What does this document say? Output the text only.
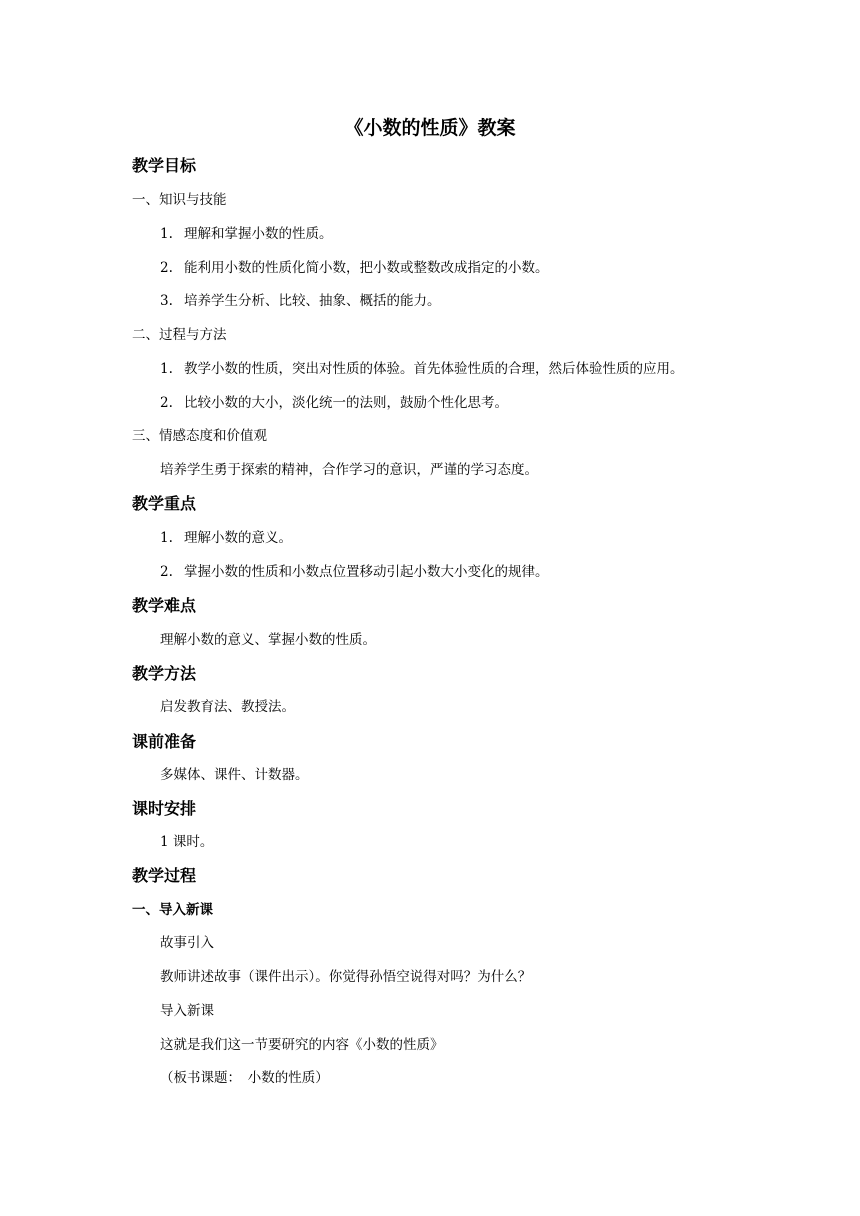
《小数的性质》教案
教学目标
一、知识与技能
1. 理解和掌握小数的性质。
2. 能利用小数的性质化简小数，把小数或整数改成指定的小数。
3. 培养学生分析、比较、抽象、概括的能力。
二、过程与方法
1. 教学小数的性质，突出对性质的体验。首先体验性质的合理，然后体验性质的应用。
2. 比较小数的大小，淡化统一的法则，鼓励个性化思考。
三、情感态度和价值观
培养学生勇于探索的精神，合作学习的意识，严谨的学习态度。
教学重点
1. 理解小数的意义。
2. 掌握小数的性质和小数点位置移动引起小数大小变化的规律。
教学难点
理解小数的意义、掌握小数的性质。
教学方法
启发教育法、教授法。
课前准备
多媒体、课件、计数器。
课时安排
1 课时。
教学过程
一、导入新课
故事引入
教师讲述故事（课件出示）。你觉得孙悟空说得对吗？为什么？
导入新课
这就是我们这一节要研究的内容《小数的性质》
（板书课题：　小数的性质）
